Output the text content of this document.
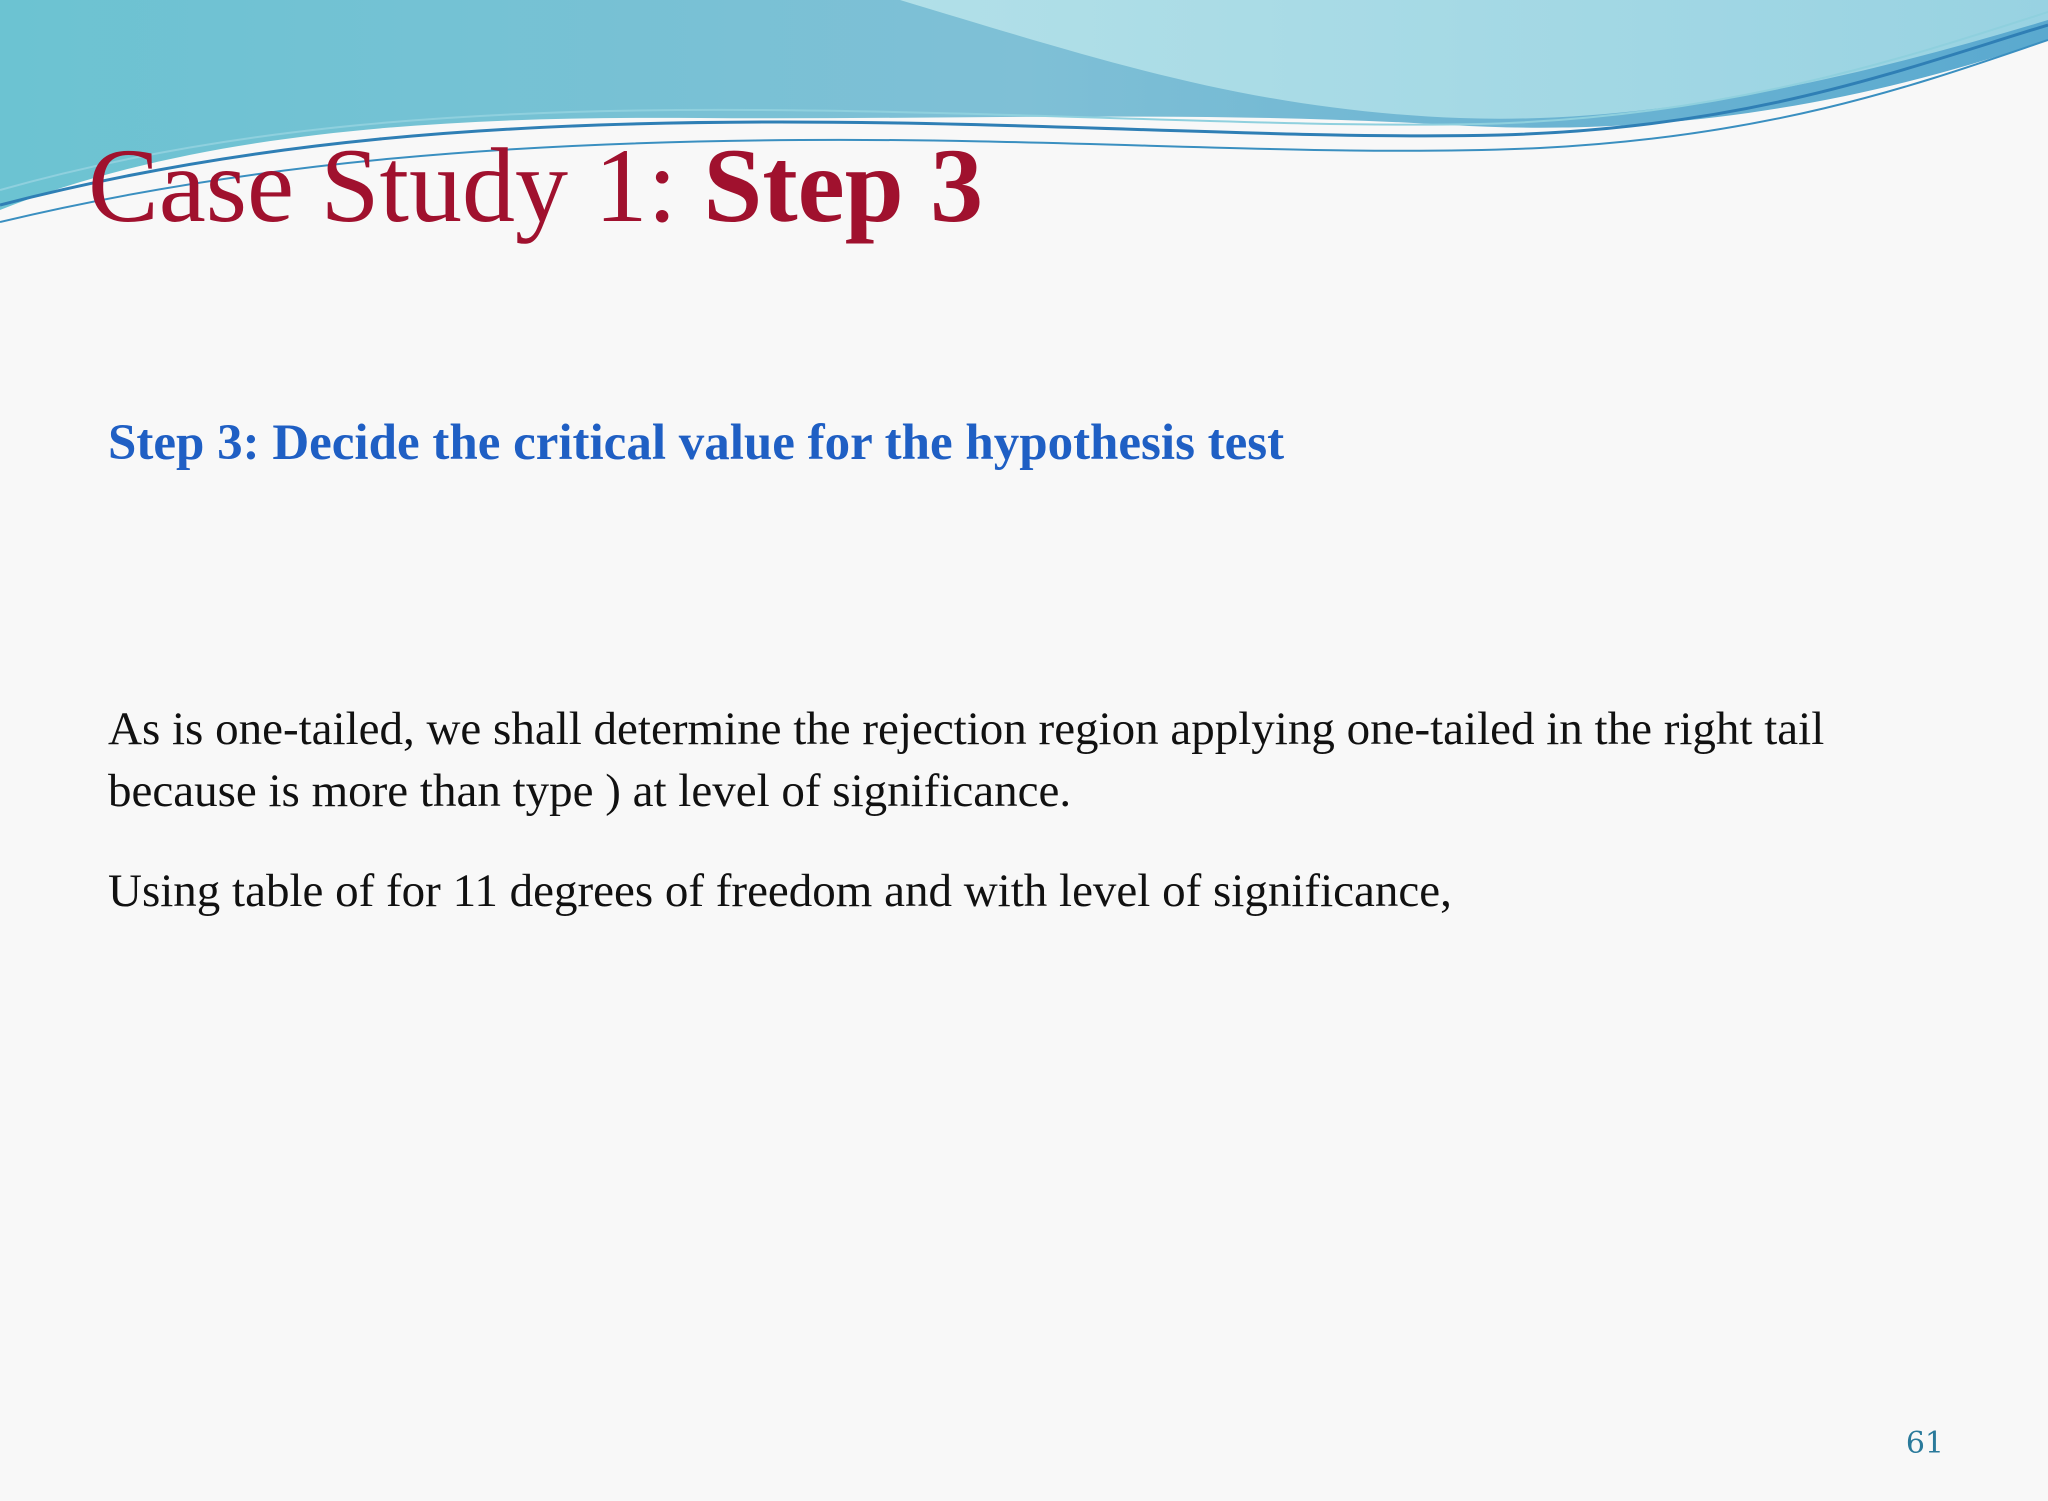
Case Study 1: Step 3
Step 3: Decide the critical value for the hypothesis test

As is one-tailed, we shall determine the rejection region applying one-tailed in the right tail because is more than type ) at level of significance.

Using table of for 11 degrees of freedom and with level of significance,

61
